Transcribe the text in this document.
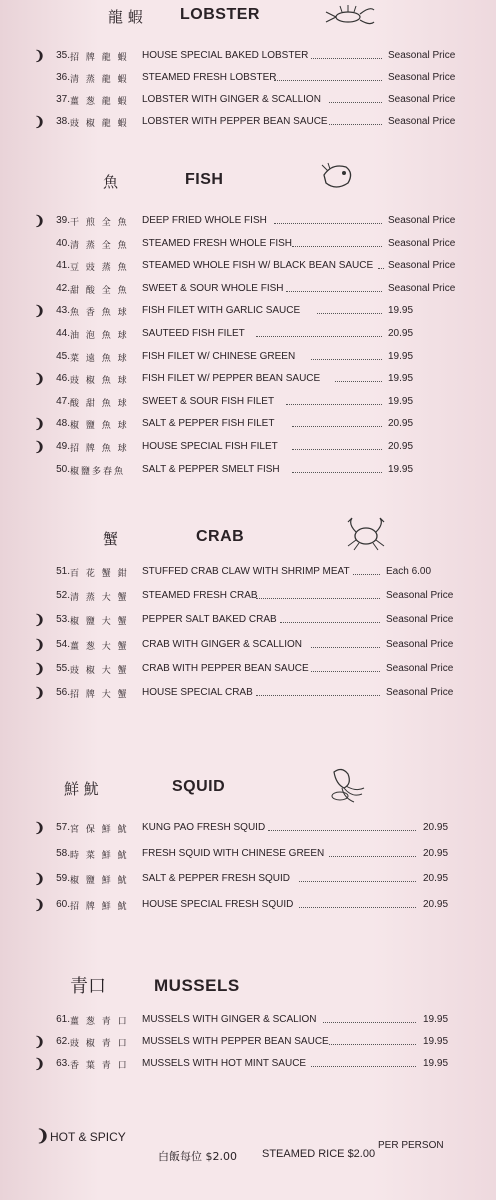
龍 蝦 LOBSTER
魚	FISH
蟹	CRAB
鮮 魷	SQUID
青口	MUSSELS
❩	35. 招 牌 龍 蝦	HOUSE SPECIAL BAKED LOBSTER	Seasonal Price
36. 清 蒸 龍 蝦	STEAMED FRESH LOBSTER	Seasonal Price
37. 薑 葱 龍 蝦	LOBSTER WITH GINGER & SCALLION	Seasonal Price
❩	38. 豉 椒 龍 蝦	LOBSTER WITH PEPPER BEAN SAUCE	Seasonal Price
❩	39. 干 煎 全 魚	DEEP FRIED WHOLE FISH	Seasonal Price
40. 清 蒸 全 魚	STEAMED FRESH WHOLE FISH	Seasonal Price
41. 豆 豉 蒸 魚	STEAMED WHOLE FISH W/ BLACK BEAN SAUCE Seasonal Price
42. 甜 酸 全 魚	SWEET & SOUR WHOLE FISH	Seasonal Price
❩	43. 魚 香 魚 球	FISH FILET WITH GARLIC SAUCE	19.95
44. 油 泡 魚 球	SAUTEED FISH FILET	20.95
45. 菜 遠 魚 球	FISH FILET W/ CHINESE GREEN	19.95
❩	46. 豉 椒 魚 球	FISH FILET W/ PEPPER BEAN SAUCE	19.95
47. 酸 甜 魚 球	SWEET & SOUR FISH FILET	19.95
❩	48. 椒 鹽 魚 球	SALT & PEPPER FISH FILET	20.95
❩	49. 招 牌 魚 球	HOUSE SPECIAL FISH FILET	20.95
50. 椒鹽多春魚	SALT & PEPPER SMELT FISH	19.95
51. 百 花 蟹 鉗	STUFFED CRAB CLAW WITH SHRIMP MEAT	Each 6.00
52. 清 蒸 大 蟹	STEAMED FRESH CRAB	Seasonal Price
❩	53. 椒 鹽 大 蟹	PEPPER SALT BAKED CRAB	Seasonal Price
❩	54. 薑 葱 大 蟹	CRAB WITH GINGER & SCALLION	Seasonal Price
❩	55. 豉 椒 大 蟹	CRAB WITH PEPPER BEAN SAUCE	Seasonal Price
❩	56. 招 牌 大 蟹	HOUSE SPECIAL CRAB	Seasonal Price
❩	57. 宮 保 鮮 魷	KUNG PAO FRESH SQUID	20.95
58. 時 菜 鮮 魷	FRESH SQUID WITH CHINESE GREEN	20.95
❩	59. 椒 鹽 鮮 魷	SALT & PEPPER FRESH SQUID	20.95
❩	60. 招 牌 鮮 魷	HOUSE SPECIAL FRESH SQUID	20.95
61. 薑 葱 青 口	MUSSELS WITH GINGER & SCALION	19.95
❩	62. 豉 椒 青 口	MUSSELS WITH PEPPER BEAN SAUCE	19.95
❩	63. 香 葉 青 口	MUSSELS WITH HOT MINT SAUCE	19.95
❩ HOT & SPICY
白飯每位 $2.00 STEAMED RICE $2.00
PER PERSON
